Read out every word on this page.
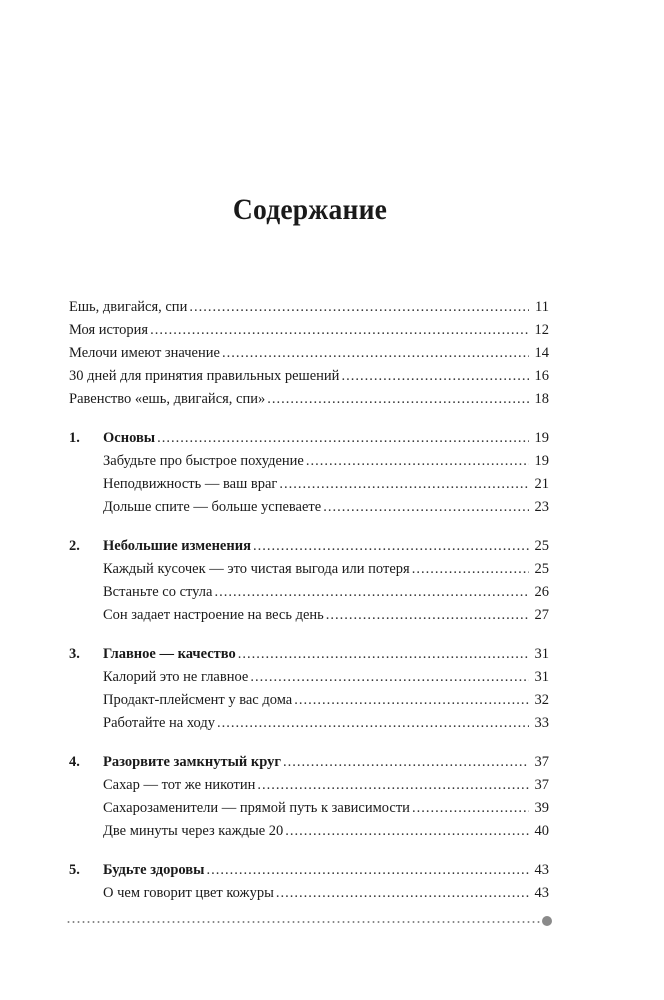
Содержание
Ешь, двигайся, спи .....	11
Моя история .....	12
Мелочи имеют значение .....	14
30 дней для принятия правильных решений .....	16
Равенство «ешь, двигайся, спи» .....	18
1.	Основы .....	19
Забудьте про быстрое похудение .....	19
Неподвижность — ваш враг .....	21
Дольше спите — больше успеваете .....	23
2.	Небольшие изменения .....	25
Каждый кусочек — это чистая выгода или потеря .....	25
Встаньте со стула .....	26
Сон задает настроение на весь день .....	27
3.	Главное — качество .....	31
Калорий это не главное .....	31
Продакт-плейсмент у вас дома .....	32
Работайте на ходу .....	33
4.	Разорвите замкнутый круг .....	37
Сахар — тот же никотин .....	37
Сахарозаменители — прямой путь к зависимости .....	39
Две минуты через каждые 20 .....	40
5.	Будьте здоровы .....	43
О чем говорит цвет кожуры .....	43
